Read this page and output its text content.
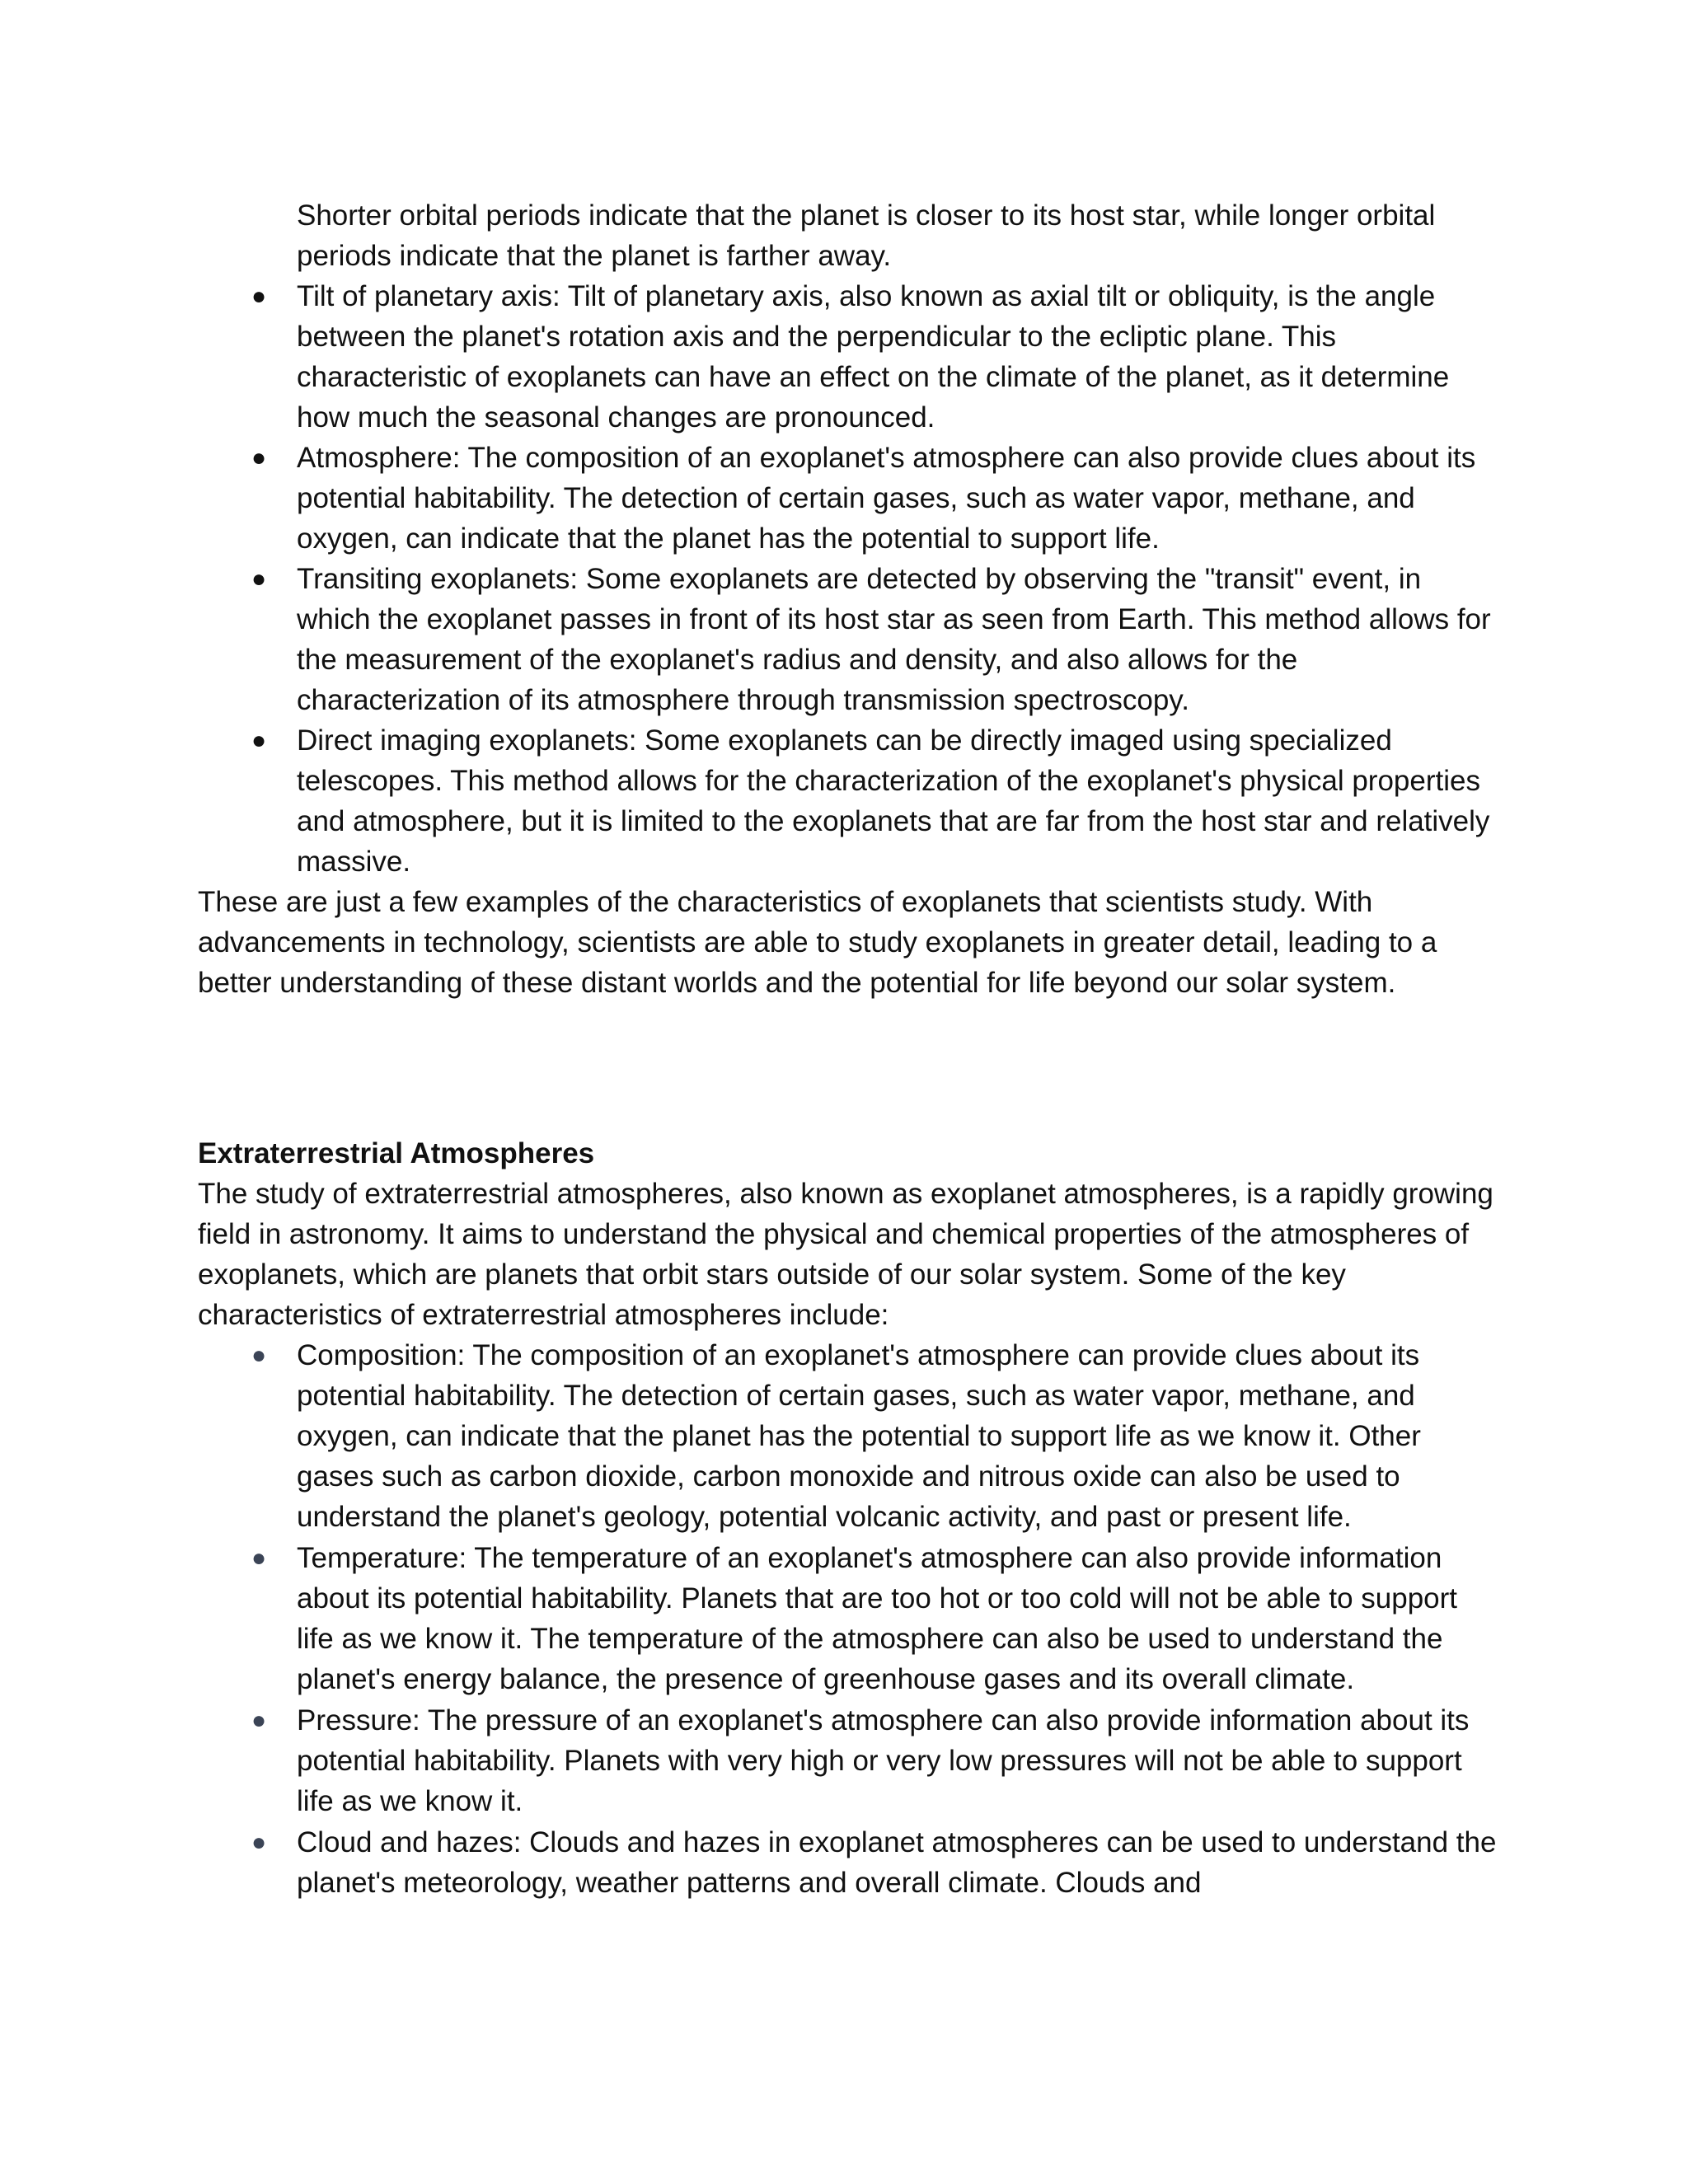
Shorter orbital periods indicate that the planet is closer to its host star, while longer orbital periods indicate that the planet is farther away.

● Tilt of planetary axis: Tilt of planetary axis, also known as axial tilt or obliquity, is the angle between the planet's rotation axis and the perpendicular to the ecliptic plane. This characteristic of exoplanets can have an effect on the climate of the planet, as it determine how much the seasonal changes are pronounced.
● Atmosphere: The composition of an exoplanet's atmosphere can also provide clues about its potential habitability. The detection of certain gases, such as water vapor, methane, and oxygen, can indicate that the planet has the potential to support life.
● Transiting exoplanets: Some exoplanets are detected by observing the "transit" event, in which the exoplanet passes in front of its host star as seen from Earth. This method allows for the measurement of the exoplanet's radius and density, and also allows for the characterization of its atmosphere through transmission spectroscopy.
● Direct imaging exoplanets: Some exoplanets can be directly imaged using specialized telescopes. This method allows for the characterization of the exoplanet's physical properties and atmosphere, but it is limited to the exoplanets that are far from the host star and relatively massive.

These are just a few examples of the characteristics of exoplanets that scientists study. With advancements in technology, scientists are able to study exoplanets in greater detail, leading to a better understanding of these distant worlds and the potential for life beyond our solar system.

Extraterrestrial Atmospheres

The study of extraterrestrial atmospheres, also known as exoplanet atmospheres, is a rapidly growing field in astronomy. It aims to understand the physical and chemical properties of the atmospheres of exoplanets, which are planets that orbit stars outside of our solar system. Some of the key characteristics of extraterrestrial atmospheres include:

● Composition: The composition of an exoplanet's atmosphere can provide clues about its potential habitability. The detection of certain gases, such as water vapor, methane, and oxygen, can indicate that the planet has the potential to support life as we know it. Other gases such as carbon dioxide, carbon monoxide and nitrous oxide can also be used to understand the planet's geology, potential volcanic activity, and past or present life.
● Temperature: The temperature of an exoplanet's atmosphere can also provide information about its potential habitability. Planets that are too hot or too cold will not be able to support life as we know it. The temperature of the atmosphere can also be used to understand the planet's energy balance, the presence of greenhouse gases and its overall climate.
● Pressure: The pressure of an exoplanet's atmosphere can also provide information about its potential habitability. Planets with very high or very low pressures will not be able to support life as we know it.
● Cloud and hazes: Clouds and hazes in exoplanet atmospheres can be used to understand the planet's meteorology, weather patterns and overall climate. Clouds and
